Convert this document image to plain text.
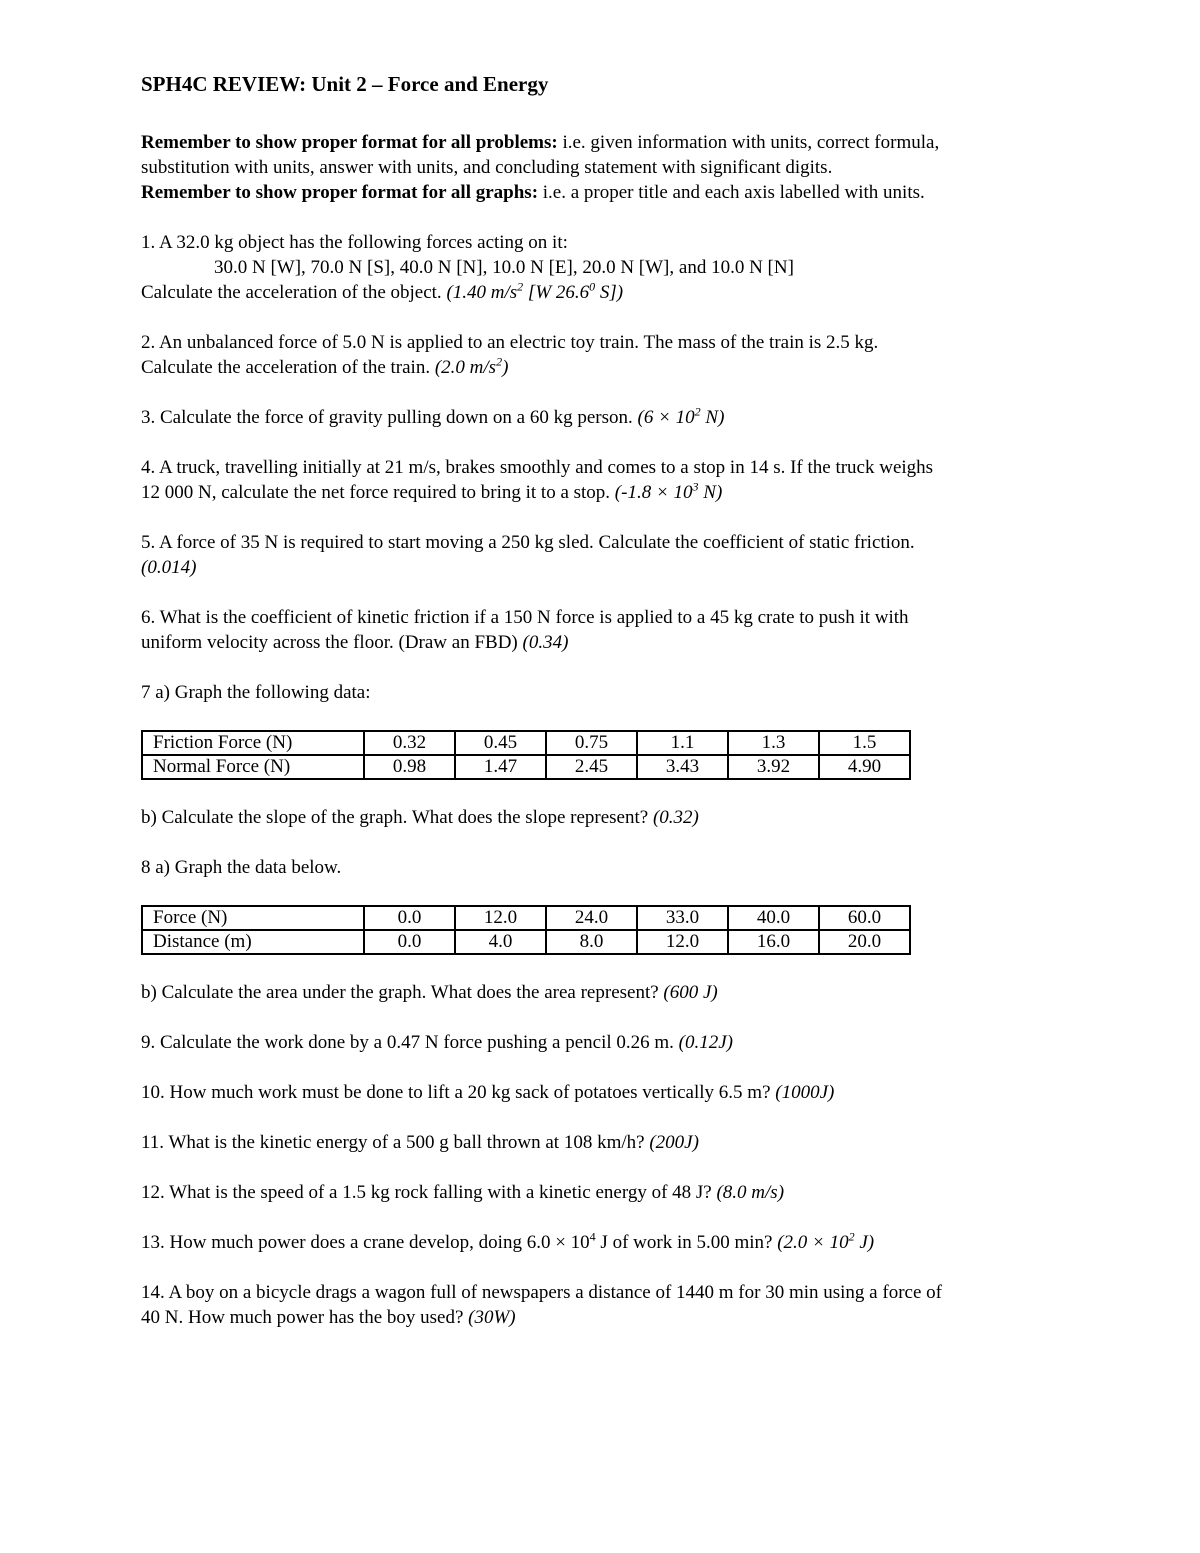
SPH4C REVIEW: Unit 2 – Force and Energy

Remember to show proper format for all problems: i.e. given information with units, correct formula,

substitution with units, answer with units, and concluding statement with significant digits.

Remember to show proper format for all graphs: i.e. a proper title and each axis labelled with units.

1. A 32.0 kg object has the following forces acting on it:
30.0 N [W], 70.0 N [S], 40.0 N [N], 10.0 N [E], 20.0 N [W], and 10.0 N [N]
Calculate the acceleration of the object. (1.40 $m/s^2$ [W 26.6$^0$ S])
2. An unbalanced force of 5.0 N is applied to an electric toy train. The mass of the train is 2.5 kg.
Calculate the acceleration of the train. (2.0 $m/s^2$)
3. Calculate the force of gravity pulling down on a 60 kg person. ($6 \times 10^2$ N)
4. A truck, travelling initially at 21 m/s, brakes smoothly and comes to a stop in 14 s. If the truck weighs
12 000 N, calculate the net force required to bring it to a stop. ($-1.8 \times 10^3$ N)
5. A force of 35 N is required to start moving a 250 kg sled. Calculate the coefficient of static friction.
(0.014)
6. What is the coefficient of kinetic friction if a 150 N force is applied to a 45 kg crate to push it with
uniform velocity across the floor. (Draw an FBD) (0.34)
7 a) Graph the following data:
Friction Force (N)	0.32	0.45	0.75	1.1	1.3	1.5
Normal Force (N)	0.98	1.47	2.45	3.43	3.92	4.90
b) Calculate the slope of the graph. What does the slope represent? (0.32)
8 a) Graph the data below.
Force (N)	0.0	12.0	24.0	33.0	40.0	60.0
Distance (m)	0.0	4.0	8.0	12.0	16.0	20.0
b) Calculate the area under the graph. What does the area represent? (600 J)
9. Calculate the work done by a 0.47 N force pushing a pencil 0.26 m. (0.12J)
10. How much work must be done to lift a 20 kg sack of potatoes vertically 6.5 m? (1000J)
11. What is the kinetic energy of a 500 g ball thrown at 108 km/h? (200J)
12. What is the speed of a 1.5 kg rock falling with a kinetic energy of 48 J? (8.0 m/s)
13. How much power does a crane develop, doing $6.0 \times 10^4$ J of work in 5.00 min? ($2.0 \times 10^2$ J)
14. A boy on a bicycle drags a wagon full of newspapers a distance of 1440 m for 30 min using a force of
40 N. How much power has the boy used? (30W)
